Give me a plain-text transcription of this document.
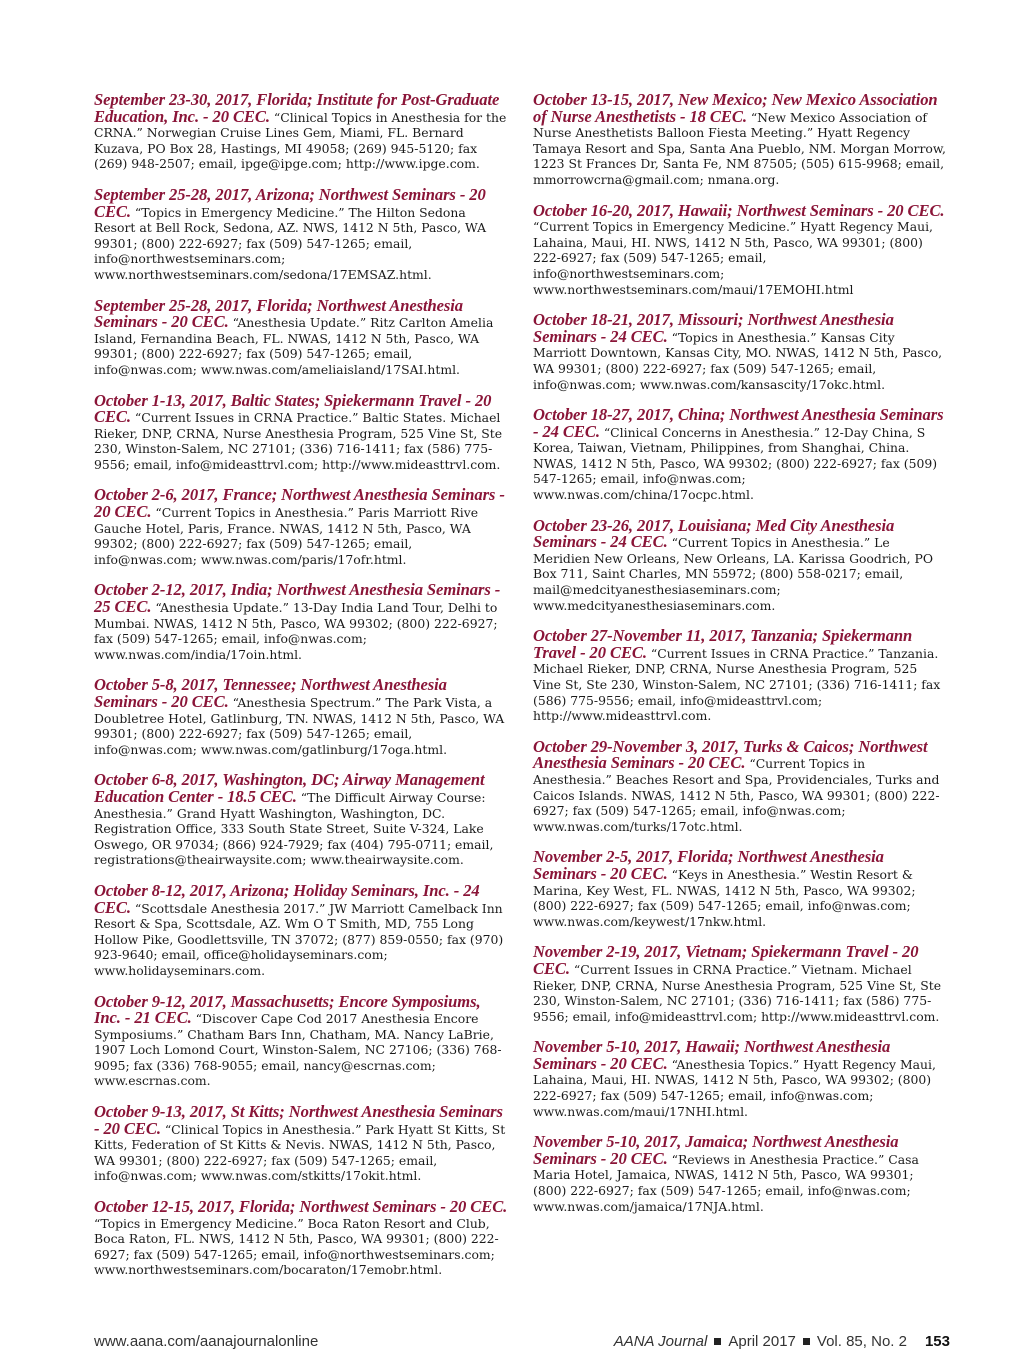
September 23-30, 2017, Florida; Institute for Post-Graduate Education, Inc. - 20 CEC. “Clinical Topics in Anesthesia for the CRNA.” Norwegian Cruise Lines Gem, Miami, FL. Bernard Kuzava, PO Box 28, Hastings, MI 49058; (269) 945-5120; fax (269) 948-2507; email, ipge@ipge.com; http://www.ipge.com.

September 25-28, 2017, Arizona; Northwest Seminars - 20 CEC. “Topics in Emergency Medicine.” The Hilton Sedona Resort at Bell Rock, Sedona, AZ. NWS, 1412 N 5th, Pasco, WA 99301; (800) 222-6927; fax (509) 547-1265; email, info@northwestseminars.com; www.northwestseminars.com/sedona/17EMSAZ.html.

September 25-28, 2017, Florida; Northwest Anesthesia Seminars - 20 CEC. “Anesthesia Update.” Ritz Carlton Amelia Island, Fernandina Beach, FL. NWAS, 1412 N 5th, Pasco, WA 99301; (800) 222-6927; fax (509) 547-1265; email, info@nwas.com; www.nwas.com/ameliaisland/17SAI.html.

October 1-13, 2017, Baltic States; Spiekermann Travel - 20 CEC. “Current Issues in CRNA Practice.” Baltic States. Michael Rieker, DNP, CRNA, Nurse Anesthesia Program, 525 Vine St, Ste 230, Winston-Salem, NC 27101; (336) 716-1411; fax (586) 775-9556; email, info@mideasttrvl.com; http://www.mideasttrvl.com.

October 2-6, 2017, France; Northwest Anesthesia Seminars - 20 CEC. “Current Topics in Anesthesia.” Paris Marriott Rive Gauche Hotel, Paris, France. NWAS, 1412 N 5th, Pasco, WA 99302; (800) 222-6927; fax (509) 547-1265; email, info@nwas.com; www.nwas.com/paris/17ofr.html.

October 2-12, 2017, India; Northwest Anesthesia Seminars - 25 CEC. “Anesthesia Update.” 13-Day India Land Tour, Delhi to Mumbai. NWAS, 1412 N 5th, Pasco, WA 99302; (800) 222-6927; fax (509) 547-1265; email, info@nwas.com; www.nwas.com/india/17oin.html.

October 5-8, 2017, Tennessee; Northwest Anesthesia Seminars - 20 CEC. “Anesthesia Spectrum.” The Park Vista, a Doubletree Hotel, Gatlinburg, TN. NWAS, 1412 N 5th, Pasco, WA 99301; (800) 222-6927; fax (509) 547-1265; email, info@nwas.com; www.nwas.com/gatlinburg/17oga.html.

October 6-8, 2017, Washington, DC; Airway Management Education Center - 18.5 CEC. “The Difficult Airway Course: Anesthesia.” Grand Hyatt Washington, Washington, DC. Registration Office, 333 South State Street, Suite V-324, Lake Oswego, OR 97034; (866) 924-7929; fax (404) 795-0711; email, registrations@theairwaysite.com; www.theairwaysite.com.

October 8-12, 2017, Arizona; Holiday Seminars, Inc. - 24 CEC. “Scottsdale Anesthesia 2017.” JW Marriott Camelback Inn Resort & Spa, Scottsdale, AZ. Wm O T Smith, MD, 755 Long Hollow Pike, Goodlettsville, TN 37072; (877) 859-0550; fax (970) 923-9640; email, office@holidayseminars.com; www.holidayseminars.com.

October 9-12, 2017, Massachusetts; Encore Symposiums, Inc. - 21 CEC. “Discover Cape Cod 2017 Anesthesia Encore Symposiums.” Chatham Bars Inn, Chatham, MA. Nancy LaBrie, 1907 Loch Lomond Court, Winston-Salem, NC 27106; (336) 768-9095; fax (336) 768-9055; email, nancy@escrnas.com; www.escrnas.com.

October 9-13, 2017, St Kitts; Northwest Anesthesia Seminars - 20 CEC. “Clinical Topics in Anesthesia.” Park Hyatt St Kitts, St Kitts, Federation of St Kitts & Nevis. NWAS, 1412 N 5th, Pasco, WA 99301; (800) 222-6927; fax (509) 547-1265; email, info@nwas.com; www.nwas.com/stkitts/17okit.html.

October 12-15, 2017, Florida; Northwest Seminars - 20 CEC. “Topics in Emergency Medicine.” Boca Raton Resort and Club, Boca Raton, FL. NWS, 1412 N 5th, Pasco, WA 99301; (800) 222-6927; fax (509) 547-1265; email, info@northwestseminars.com; www.northwestseminars.com/bocaraton/17emobr.html.

October 13-15, 2017, New Mexico; New Mexico Association of Nurse Anesthetists - 18 CEC. “New Mexico Association of Nurse Anesthetists Balloon Fiesta Meeting.” Hyatt Regency Tamaya Resort and Spa, Santa Ana Pueblo, NM. Morgan Morrow, 1223 St Frances Dr, Santa Fe, NM 87505; (505) 615-9968; email, mmorrowcrna@gmail.com; nmana.org.

October 16-20, 2017, Hawaii; Northwest Seminars - 20 CEC. “Current Topics in Emergency Medicine.” Hyatt Regency Maui, Lahaina, Maui, HI. NWS, 1412 N 5th, Pasco, WA 99301; (800) 222-6927; fax (509) 547-1265; email, info@northwestseminars.com; www.northwestseminars.com/maui/17EMOHI.html

October 18-21, 2017, Missouri; Northwest Anesthesia Seminars - 24 CEC. “Topics in Anesthesia.” Kansas City Marriott Downtown, Kansas City, MO. NWAS, 1412 N 5th, Pasco, WA 99301; (800) 222-6927; fax (509) 547-1265; email, info@nwas.com; www.nwas.com/kansascity/17okc.html.

October 18-27, 2017, China; Northwest Anesthesia Seminars - 24 CEC. “Clinical Concerns in Anesthesia.” 12-Day China, S Korea, Taiwan, Vietnam, Philippines, from Shanghai, China. NWAS, 1412 N 5th, Pasco, WA 99302; (800) 222-6927; fax (509) 547-1265; email, info@nwas.com; www.nwas.com/china/17ocpc.html.

October 23-26, 2017, Louisiana; Med City Anesthesia Seminars - 24 CEC. “Current Topics in Anesthesia.” Le Meridien New Orleans, New Orleans, LA. Karissa Goodrich, PO Box 711, Saint Charles, MN 55972; (800) 558-0217; email, mail@medcityanesthesiaseminars.com; www.medcityanesthesiaseminars.com.

October 27-November 11, 2017, Tanzania; Spiekermann Travel - 20 CEC. “Current Issues in CRNA Practice.” Tanzania. Michael Rieker, DNP, CRNA, Nurse Anesthesia Program, 525 Vine St, Ste 230, Winston-Salem, NC 27101; (336) 716-1411; fax (586) 775-9556; email, info@mideasttrvl.com; http://www.mideasttrvl.com.

October 29-November 3, 2017, Turks & Caicos; Northwest Anesthesia Seminars - 20 CEC. “Current Topics in Anesthesia.” Beaches Resort and Spa, Providenciales, Turks and Caicos Islands. NWAS, 1412 N 5th, Pasco, WA 99301; (800) 222-6927; fax (509) 547-1265; email, info@nwas.com; www.nwas.com/turks/17otc.html.

November 2-5, 2017, Florida; Northwest Anesthesia Seminars - 20 CEC. “Keys in Anesthesia.” Westin Resort & Marina, Key West, FL. NWAS, 1412 N 5th, Pasco, WA 99302; (800) 222-6927; fax (509) 547-1265; email, info@nwas.com; www.nwas.com/keywest/17nkw.html.

November 2-19, 2017, Vietnam; Spiekermann Travel - 20 CEC. “Current Issues in CRNA Practice.” Vietnam. Michael Rieker, DNP, CRNA, Nurse Anesthesia Program, 525 Vine St, Ste 230, Winston-Salem, NC 27101; (336) 716-1411; fax (586) 775-9556; email, info@mideasttrvl.com; http://www.mideasttrvl.com.

November 5-10, 2017, Hawaii; Northwest Anesthesia Seminars - 20 CEC. “Anesthesia Topics.” Hyatt Regency Maui, Lahaina, Maui, HI. NWAS, 1412 N 5th, Pasco, WA 99302; (800) 222-6927; fax (509) 547-1265; email, info@nwas.com; www.nwas.com/maui/17NHI.html.

November 5-10, 2017, Jamaica; Northwest Anesthesia Seminars - 20 CEC. “Reviews in Anesthesia Practice.” Casa Maria Hotel, Jamaica, NWAS, 1412 N 5th, Pasco, WA 99301; (800) 222-6927; fax (509) 547-1265; email, info@nwas.com; www.nwas.com/jamaica/17NJA.html.

www.aana.com/aanajournalonline	AANA Journal April 2017 Vol. 85, No. 2 153
